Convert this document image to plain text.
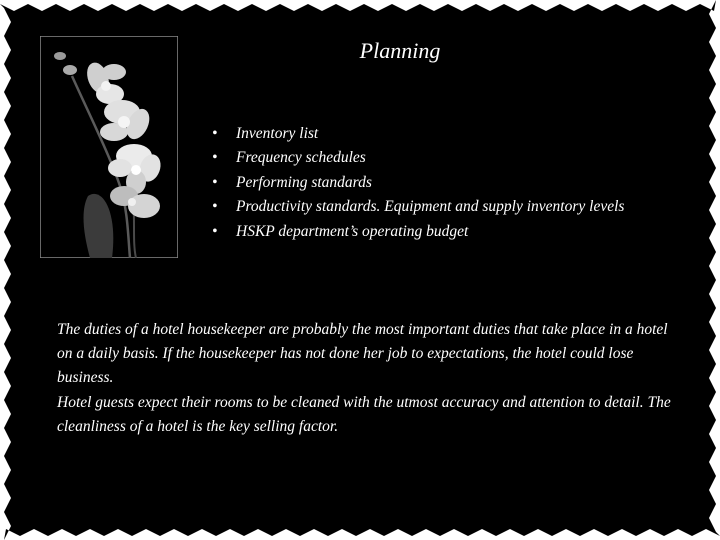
Planning
• Inventory list
• Frequency schedules
• Performing standards
• Productivity standards. Equipment and supply inventory levels
• HSKP department’s operating budget

The duties of a hotel housekeeper are probably the most important duties that take place in a hotel
on a daily basis. If the housekeeper has not done her job to expectations, the hotel could lose business.
Hotel guests expect their rooms to be cleaned with the utmost accuracy and attention to detail. The
cleanliness of a hotel is the key selling factor.
